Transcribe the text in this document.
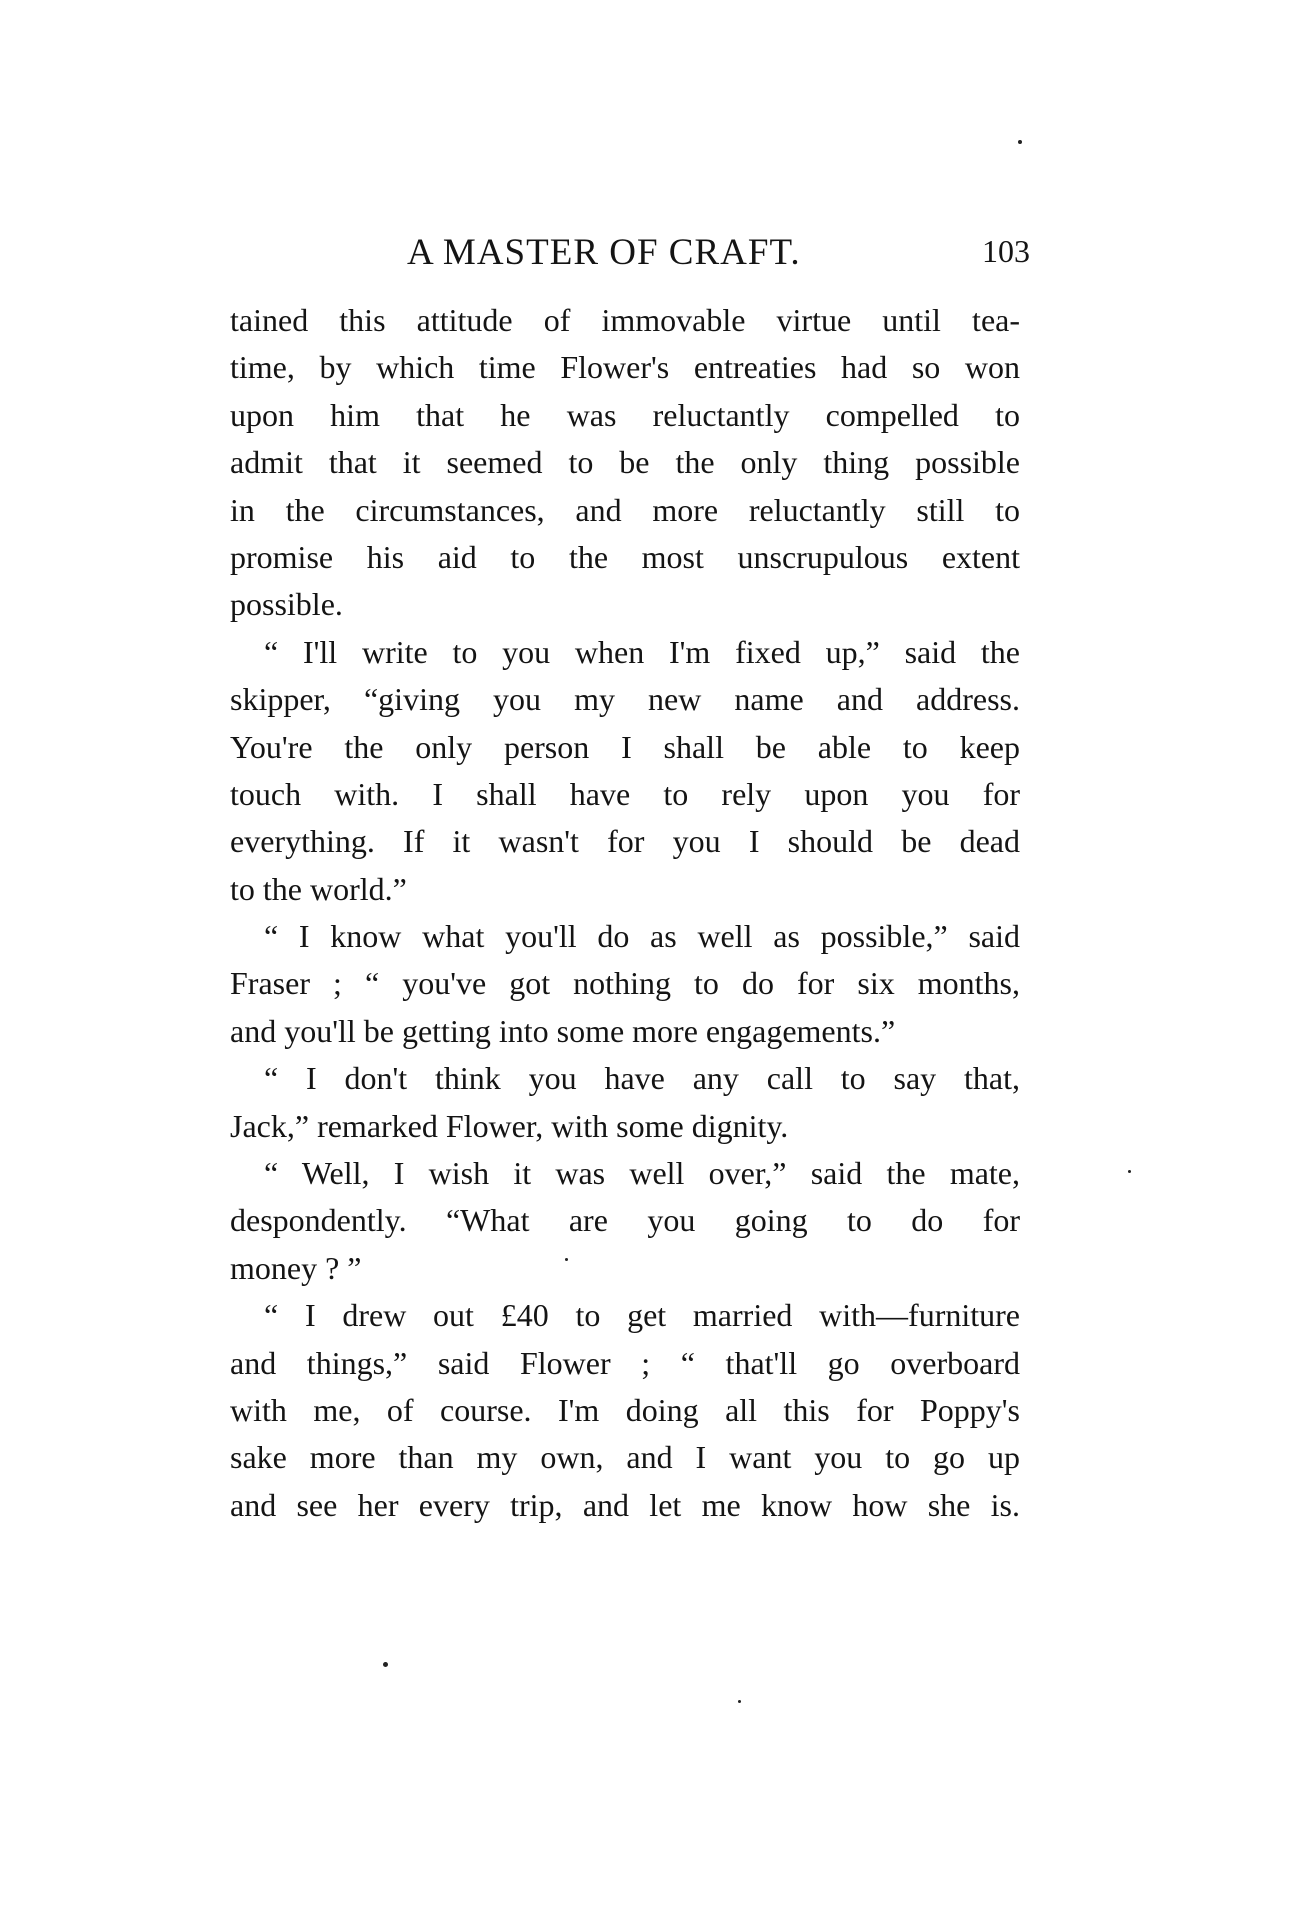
A MASTER OF CRAFT.	103

tained this attitude of immovable virtue until tea-
time, by which time Flower's entreaties had so won
upon him that he was reluctantly compelled to
admit that it seemed to be the only thing possible
in the circumstances, and more reluctantly still to
promise his aid to the most unscrupulous extent
possible.

“ I'll write to you when I'm fixed up,” said the
skipper, “giving you my new name and address.
You're the only person I shall be able to keep
touch with. I shall have to rely upon you for
everything. If it wasn't for you I should be dead
to the world.”

“ I know what you'll do as well as possible,” said
Fraser ; “ you've got nothing to do for six months,
and you'll be getting into some more engagements.”

“ I don't think you have any call to say that,
Jack,” remarked Flower, with some dignity.

“ Well, I wish it was well over,” said the mate,
despondently. “What are you going to do for
money ? ”

“ I drew out £40 to get married with—furniture
and things,” said Flower ; “ that'll go overboard
with me, of course. I'm doing all this for Poppy's
sake more than my own, and I want you to go up
and see her every trip, and let me know how she is.
